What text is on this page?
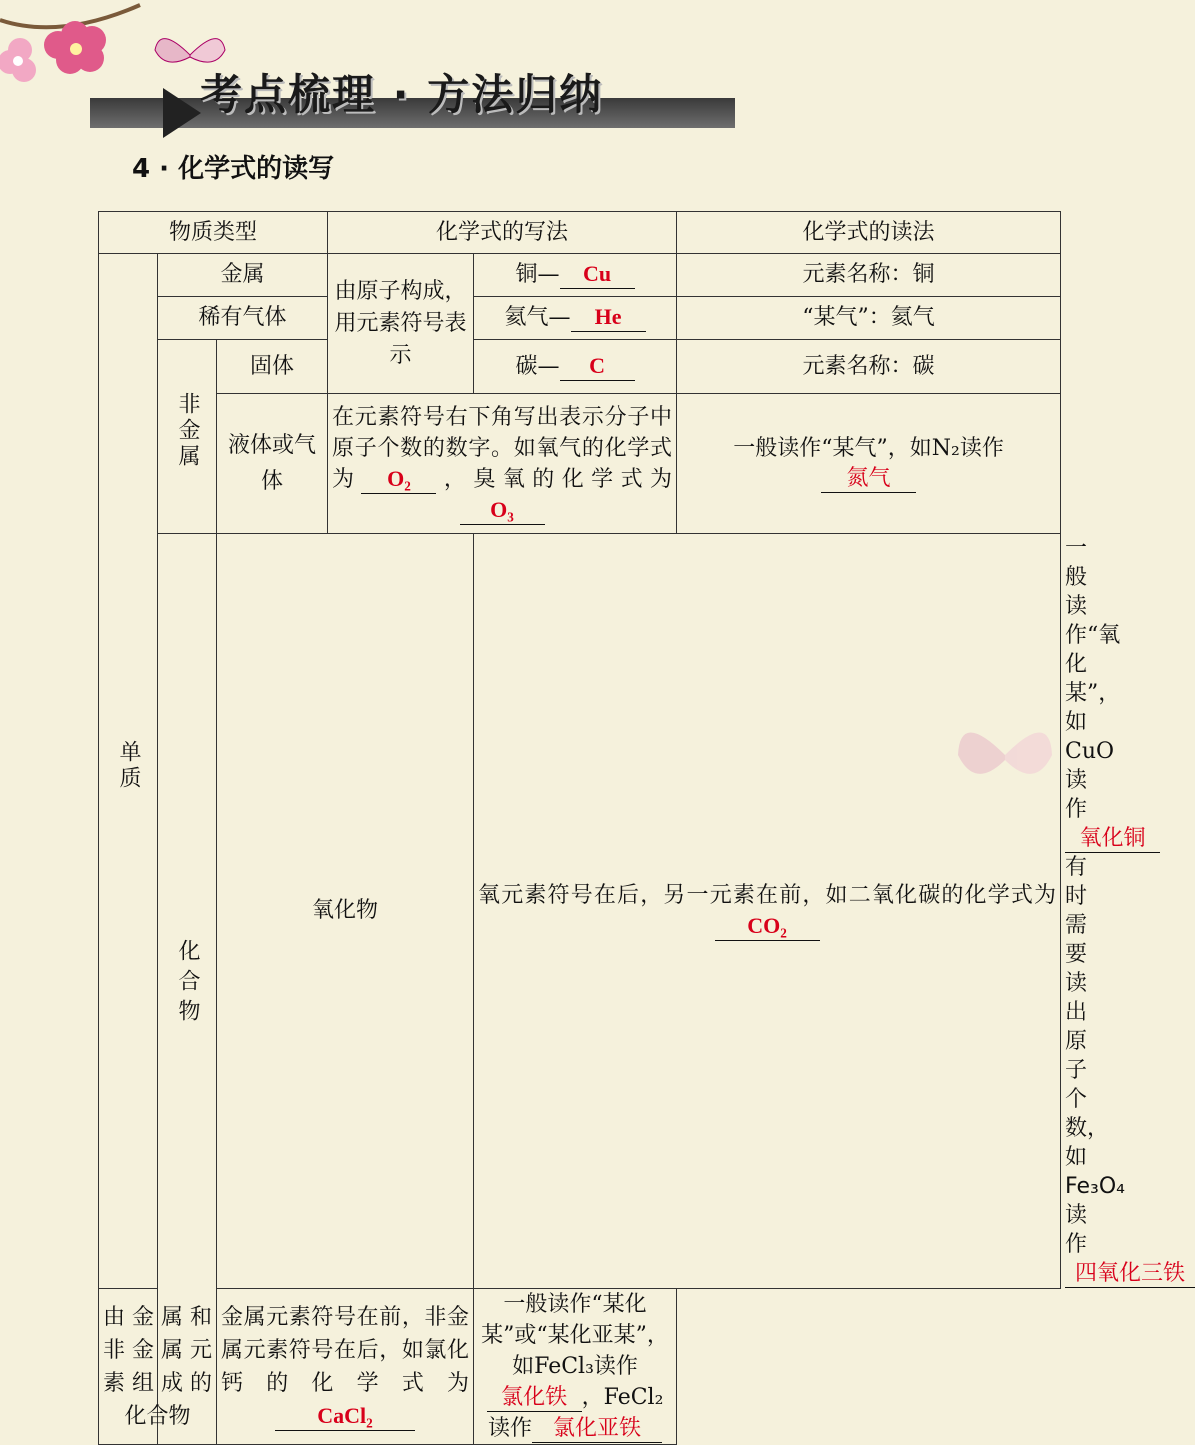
考点梳理 · 方法归纳
4 · 化学式的读写
物质类型			化学式的写法		化学式的读法	
单质	金属		由原子构成，用元素符号表示	铜— Cu	元素名称：铜	
	稀有气体			氦气— He	“某气”：氦气	
	非金属	固体		碳— C	元素名称：碳	
		液体或气体	在元素符号右下角写出表示分子中原子个数的数字。如氧气的化学式为 O₂ ，臭氧的化学式为O₃		一般读作“某气”，如N₂读作
氮气	
	化合物	氧化物		氧元素符号在后，另一元素在前，如二氧化碳的化学式为CO₂		一般读作“氧化某”，如CuO读作氧化铜有时需要读出原子个数，如Fe₃O₄读作
四氧化三铁
由金属和非金属元素组成的化合物		金属元素符号在前，非金属元素符号在后，如氯化钙的化学式为CaCl₂		一般读作“某化某”或“某化亚某”，如FeCl₃读作氯化铁 ，FeCl₂读作 氯化亚铁		
